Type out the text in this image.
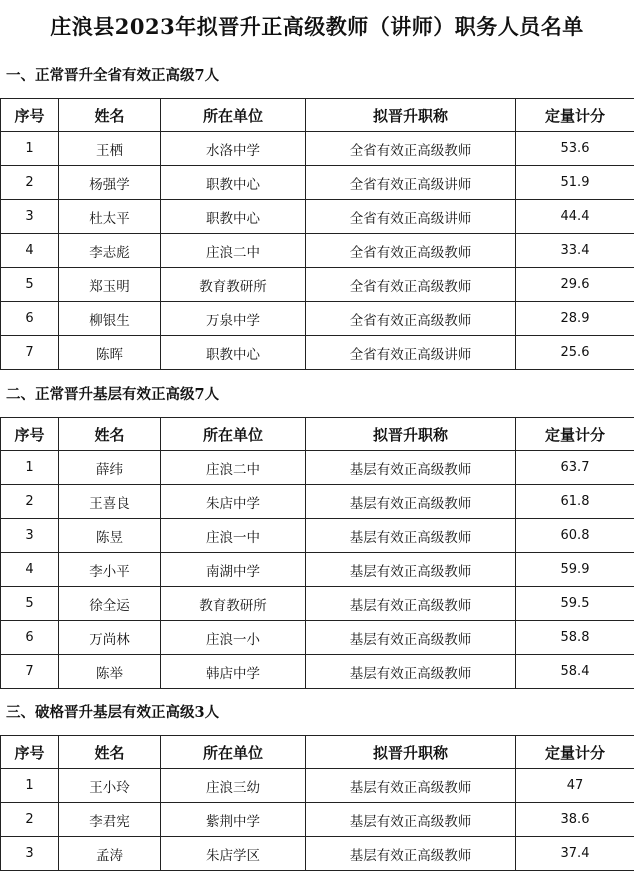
庄浪县2023年拟晋升正高级教师（讲师）职务人员名单
一、正常晋升全省有效正高级7人
序号	姓名	所在单位	拟晋升职称	定量计分
1	王栖	水洛中学	全省有效正高级教师	53.6
2	杨强学	职教中心	全省有效正高级讲师	51.9
3	杜太平	职教中心	全省有效正高级讲师	44.4
4	李志彪	庄浪二中	全省有效正高级教师	33.4
5	郑玉明	教育教研所	全省有效正高级教师	29.6
6	柳银生	万泉中学	全省有效正高级教师	28.9
7	陈晖	职教中心	全省有效正高级讲师	25.6
二、正常晋升基层有效正高级7人
序号	姓名	所在单位	拟晋升职称	定量计分
1	薛纬	庄浪二中	基层有效正高级教师	63.7
2	王喜良	朱店中学	基层有效正高级教师	61.8
3	陈昱	庄浪一中	基层有效正高级教师	60.8
4	李小平	南湖中学	基层有效正高级教师	59.9
5	徐全运	教育教研所	基层有效正高级教师	59.5
6	万尚林	庄浪一小	基层有效正高级教师	58.8
7	陈举	韩店中学	基层有效正高级教师	58.4
三、破格晋升基层有效正高级3人
序号	姓名	所在单位	拟晋升职称	定量计分
1	王小玲	庄浪三幼	基层有效正高级教师	47
2	李君宪	紫荆中学	基层有效正高级教师	38.6
3	孟涛	朱店学区	基层有效正高级教师	37.4
